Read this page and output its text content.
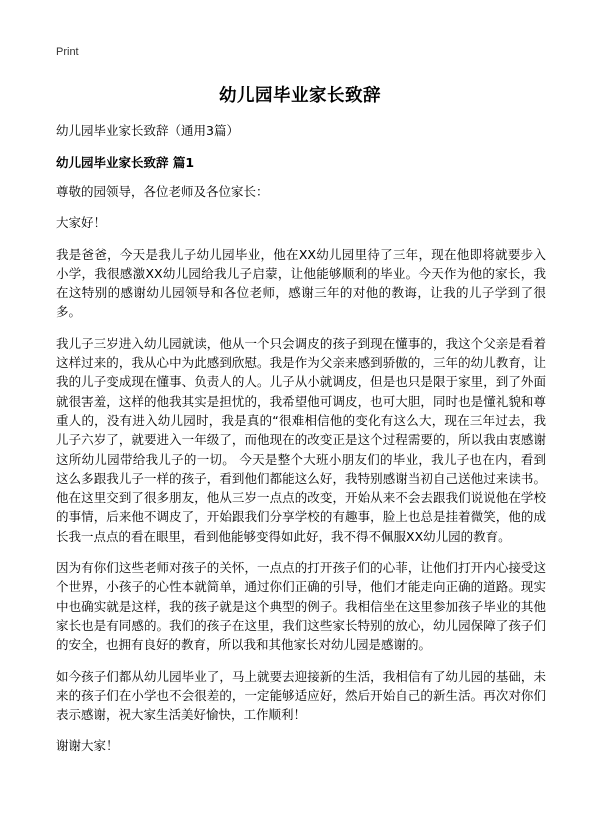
Print
幼儿园毕业家长致辞
幼儿园毕业家长致辞（通用3篇）
幼儿园毕业家长致辞 篇1

尊敬的园领导，各位老师及各位家长：

大家好！

我是爸爸，今天是我儿子幼儿园毕业，他在XX幼儿园里待了三年，现在他即将就要步入小学，我很感激XX幼儿园给我儿子启蒙，让他能够顺利的毕业。今天作为他的家长，我在这特别的感谢幼儿园领导和各位老师，感谢三年的对他的教诲，让我的儿子学到了很多。

我儿子三岁进入幼儿园就读，他从一个只会调皮的孩子到现在懂事的，我这个父亲是看着这样过来的，我从心中为此感到欣慰。我是作为父亲来感到骄傲的，三年的幼儿教育，让我的儿子变成现在懂事、负责人的人。儿子从小就调皮，但是也只是限于家里，到了外面就很害羞，这样的他我其实是担忧的，我希望他可调皮，也可大胆，同时也是懂礼貌和尊重人的，没有进入幼儿园时，我是真的“很难相信他的变化有这么大，现在三年过去，我儿子六岁了，就要进入一年级了，而他现在的改变正是这个过程需要的，所以我由衷感谢这所幼儿园带给我儿子的一切。 今天是整个大班小朋友们的毕业，我儿子也在内，看到这么多跟我儿子一样的孩子，看到他们都能这么好，我特别感谢当初自己送他过来读书。他在这里交到了很多朋友，他从三岁一点点的改变，开始从来不会去跟我们说说他在学校的事情，后来他不调皮了，开始跟我们分享学校的有趣事，脸上也总是挂着微笑，他的成长我一点点的看在眼里，看到他能够变得如此好，我不得不佩服XX幼儿园的教育。

因为有你们这些老师对孩子的关怀，一点点的打开孩子们的心菲，让他们打开内心接受这个世界，小孩子的心性本就简单，通过你们正确的引导，他们才能走向正确的道路。现实中也确实就是这样，我的孩子就是这个典型的例子。我相信坐在这里参加孩子毕业的其他家长也是有同感的。我们的孩子在这里，我们这些家长特别的放心，幼儿园保障了孩子们的安全，也拥有良好的教育，所以我和其他家长对幼儿园是感谢的。

如今孩子们都从幼儿园毕业了，马上就要去迎接新的生活，我相信有了幼儿园的基础，未来的孩子们在小学也不会很差的，一定能够适应好，然后开始自己的新生活。再次对你们表示感谢，祝大家生活美好愉快，工作顺利！

谢谢大家！
